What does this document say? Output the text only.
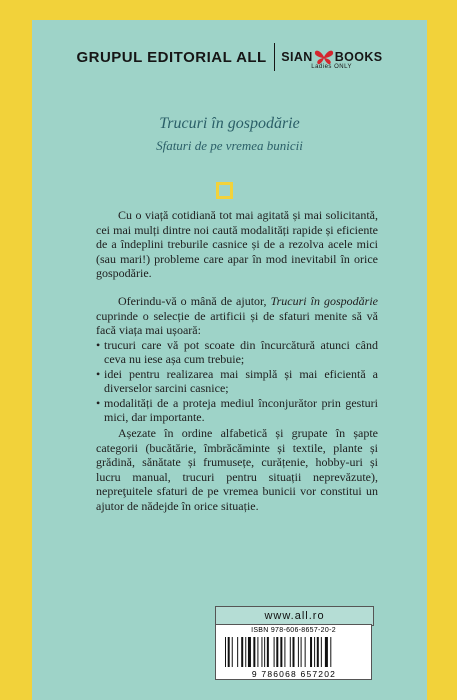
GRUPUL EDITORIAL ALL SIAN BOOKS
Ladies ONLY
Trucuri în gospodărie
Sfaturi de pe vremea bunicii

Cu o viață cotidiană tot mai agitată și mai solicitantă, cei mai mulți dintre noi caută modalități rapide și eficiente de a îndeplini treburile casnice și de a rezolva acele mici (sau mari!) probleme care apar în mod inevitabil în orice gospodărie.

Oferindu-vă o mână de ajutor, Trucuri în gospodărie cuprinde o selecție de artificii și de sfaturi menite să vă facă viața mai ușoară:

• trucuri care vă pot scoate din încurcătură atunci când ceva nu iese așa cum trebuie;
• idei pentru realizarea mai simplă și mai eficientă a diverselor sarcini casnice;
• modalități de a proteja mediul înconjurător prin gesturi mici, dar importante.

Așezate în ordine alfabetică și grupate în șapte categorii (bucătărie, îmbrăcăminte și textile, plante și grădină, sănătate și frumusețe, curățenie, hobby-uri și lucru manual, trucuri pentru situații neprevăzute), nepreţuitele sfaturi de pe vremea bunicii vor constitui un ajutor de nădejde în orice situație.

www.all.ro
ISBN 978-606-8657-20-2
9 786068 657202
